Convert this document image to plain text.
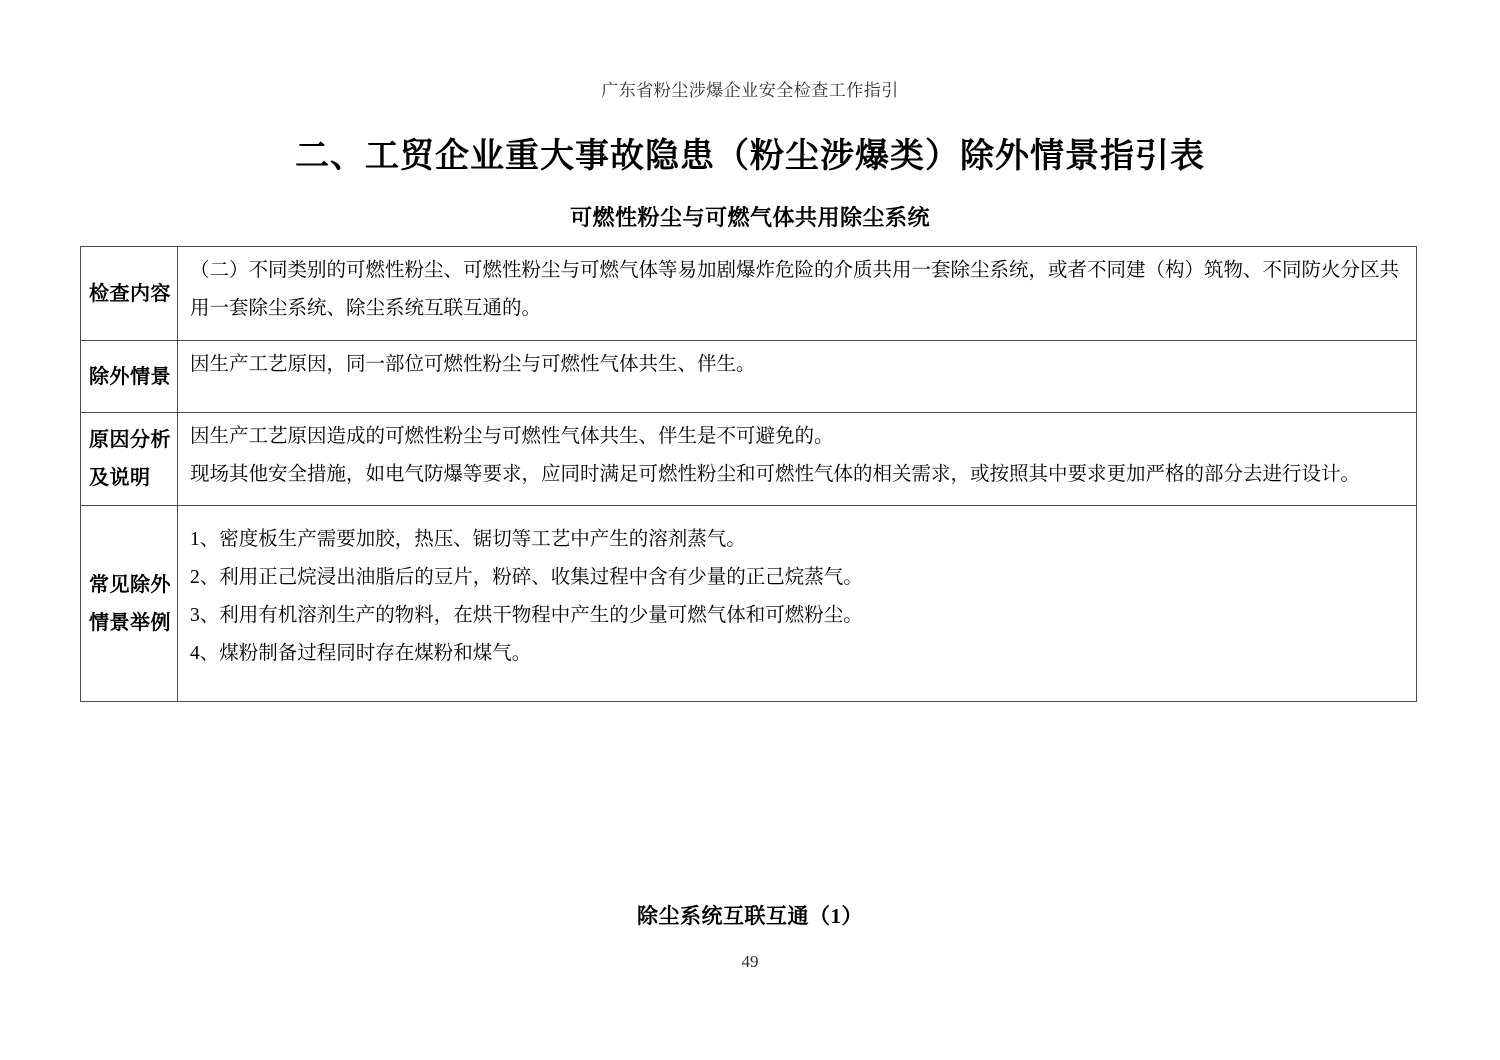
广东省粉尘涉爆企业安全检查工作指引
二、工贸企业重大事故隐患（粉尘涉爆类）除外情景指引表
可燃性粉尘与可燃气体共用除尘系统
检查内容
（二）不同类别的可燃性粉尘、可燃性粉尘与可燃气体等易加剧爆炸危险的介质共用一套除尘系统，或者不同建（构）筑物、不同防火分区共用一套除尘系统、除尘系统互联互通的。
除外情景
因生产工艺原因，同一部位可燃性粉尘与可燃性气体共生、伴生。
原因分析
及说明
因生产工艺原因造成的可燃性粉尘与可燃性气体共生、伴生是不可避免的。
现场其他安全措施，如电气防爆等要求，应同时满足可燃性粉尘和可燃性气体的相关需求，或按照其中要求更加严格的部分去进行设计。
常见除外
情景举例
1、密度板生产需要加胶，热压、锯切等工艺中产生的溶剂蒸气。
2、利用正己烷浸出油脂后的豆片，粉碎、收集过程中含有少量的正己烷蒸气。
3、利用有机溶剂生产的物料，在烘干物程中产生的少量可燃气体和可燃粉尘。
4、煤粉制备过程同时存在煤粉和煤气。
除尘系统互联互通（1）
49
